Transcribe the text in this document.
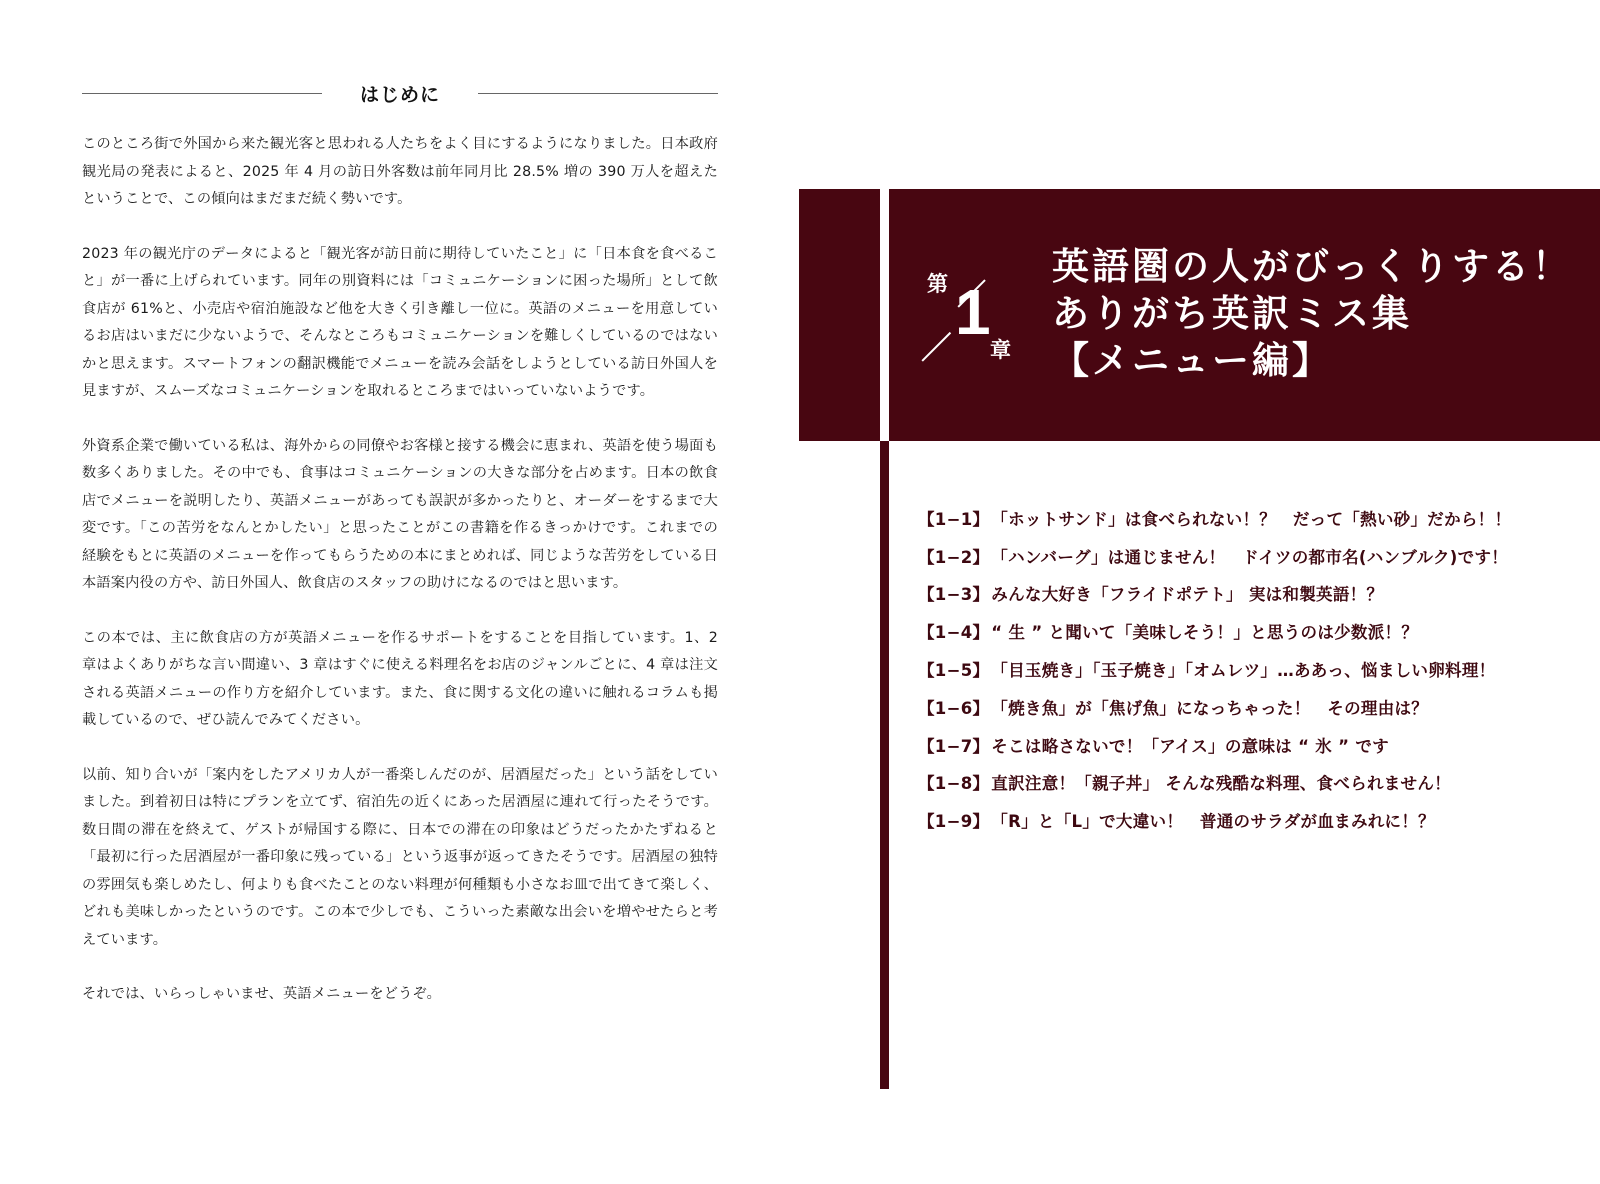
はじめに

このところ街で外国から来た観光客と思われる人たちをよく目にするようになりました。日本政府観光局の発表によると、2025 年 4 月の訪日外客数は前年同月比 28.5% 増の 390 万人を超えたということで、この傾向はまだまだ続く勢いです。

2023 年の観光庁のデータによると「観光客が訪日前に期待していたこと」に「日本食を食べること」が一番に上げられています。同年の別資料には「コミュニケーションに困った場所」として飲食店が 61%と、小売店や宿泊施設など他を大きく引き離し一位に。英語のメニューを用意しているお店はいまだに少ないようで、そんなところもコミュニケーションを難しくしているのではないかと思えます。スマートフォンの翻訳機能でメニューを読み会話をしようとしている訪日外国人を見ますが、スムーズなコミュニケーションを取れるところまではいっていないようです。

外資系企業で働いている私は、海外からの同僚やお客様と接する機会に恵まれ、英語を使う場面も数多くありました。その中でも、食事はコミュニケーションの大きな部分を占めます。日本の飲食店でメニューを説明したり、英語メニューがあっても誤訳が多かったりと、オーダーをするまで大変です。「この苦労をなんとかしたい」と思ったことがこの書籍を作るきっかけです。これまでの経験をもとに英語のメニューを作ってもらうための本にまとめれば、同じような苦労をしている日本語案内役の方や、訪日外国人、飲食店のスタッフの助けになるのではと思います。

この本では、主に飲食店の方が英語メニューを作るサポートをすることを目指しています。1、2 章はよくありがちな言い間違い、3 章はすぐに使える料理名をお店のジャンルごとに、4 章は注文される英語メニューの作り方を紹介しています。また、食に関する文化の違いに触れるコラムも掲載しているので、ぜひ読んでみてください。

以前、知り合いが「案内をしたアメリカ人が一番楽しんだのが、居酒屋だった」という話をしていました。到着初日は特にプランを立てず、宿泊先の近くにあった居酒屋に連れて行ったそうです。数日間の滞在を終えて、ゲストが帰国する際に、日本での滞在の印象はどうだったかたずねると「最初に行った居酒屋が一番印象に残っている」という返事が返ってきたそうです。居酒屋の独特の雰囲気も楽しめたし、何よりも食べたことのない料理が何種類も小さなお皿で出てきて楽しく、どれも美味しかったというのです。この本で少しでも、こういった素敵な出会いを増やせたらと考えています。

それでは、いらっしゃいませ、英語メニューをどうぞ。

第 1
章
英語圏の人がびっくりする！
ありがち英訳ミス集
【メニュー編】
【1−1】 「ホットサンド」は食べられない！？　だって「熱い砂」だから！！
【1−2】 「ハンバーグ」は通じません！　ドイツの都市名(ハンブルク)です！
【1−3】 みんな大好き「フライドポテト」 実は和製英語！？
【1−4】 “ 生 ” と聞いて「美味しそう！」と思うのは少数派！？
【1−5】 「目玉焼き」「玉子焼き」「オムレツ」…ああっ、悩ましい卵料理！
【1−6】 「焼き魚」が「焦げ魚」になっちゃった！　その理由は？
【1−7】 そこは略さないで！「アイス」の意味は “ 氷 ” です
【1−8】 直訳注意！「親子丼」 そんな残酷な料理、食べられません！
【1−9】 「R」と「L」で大違い！　普通のサラダが血まみれに！？
